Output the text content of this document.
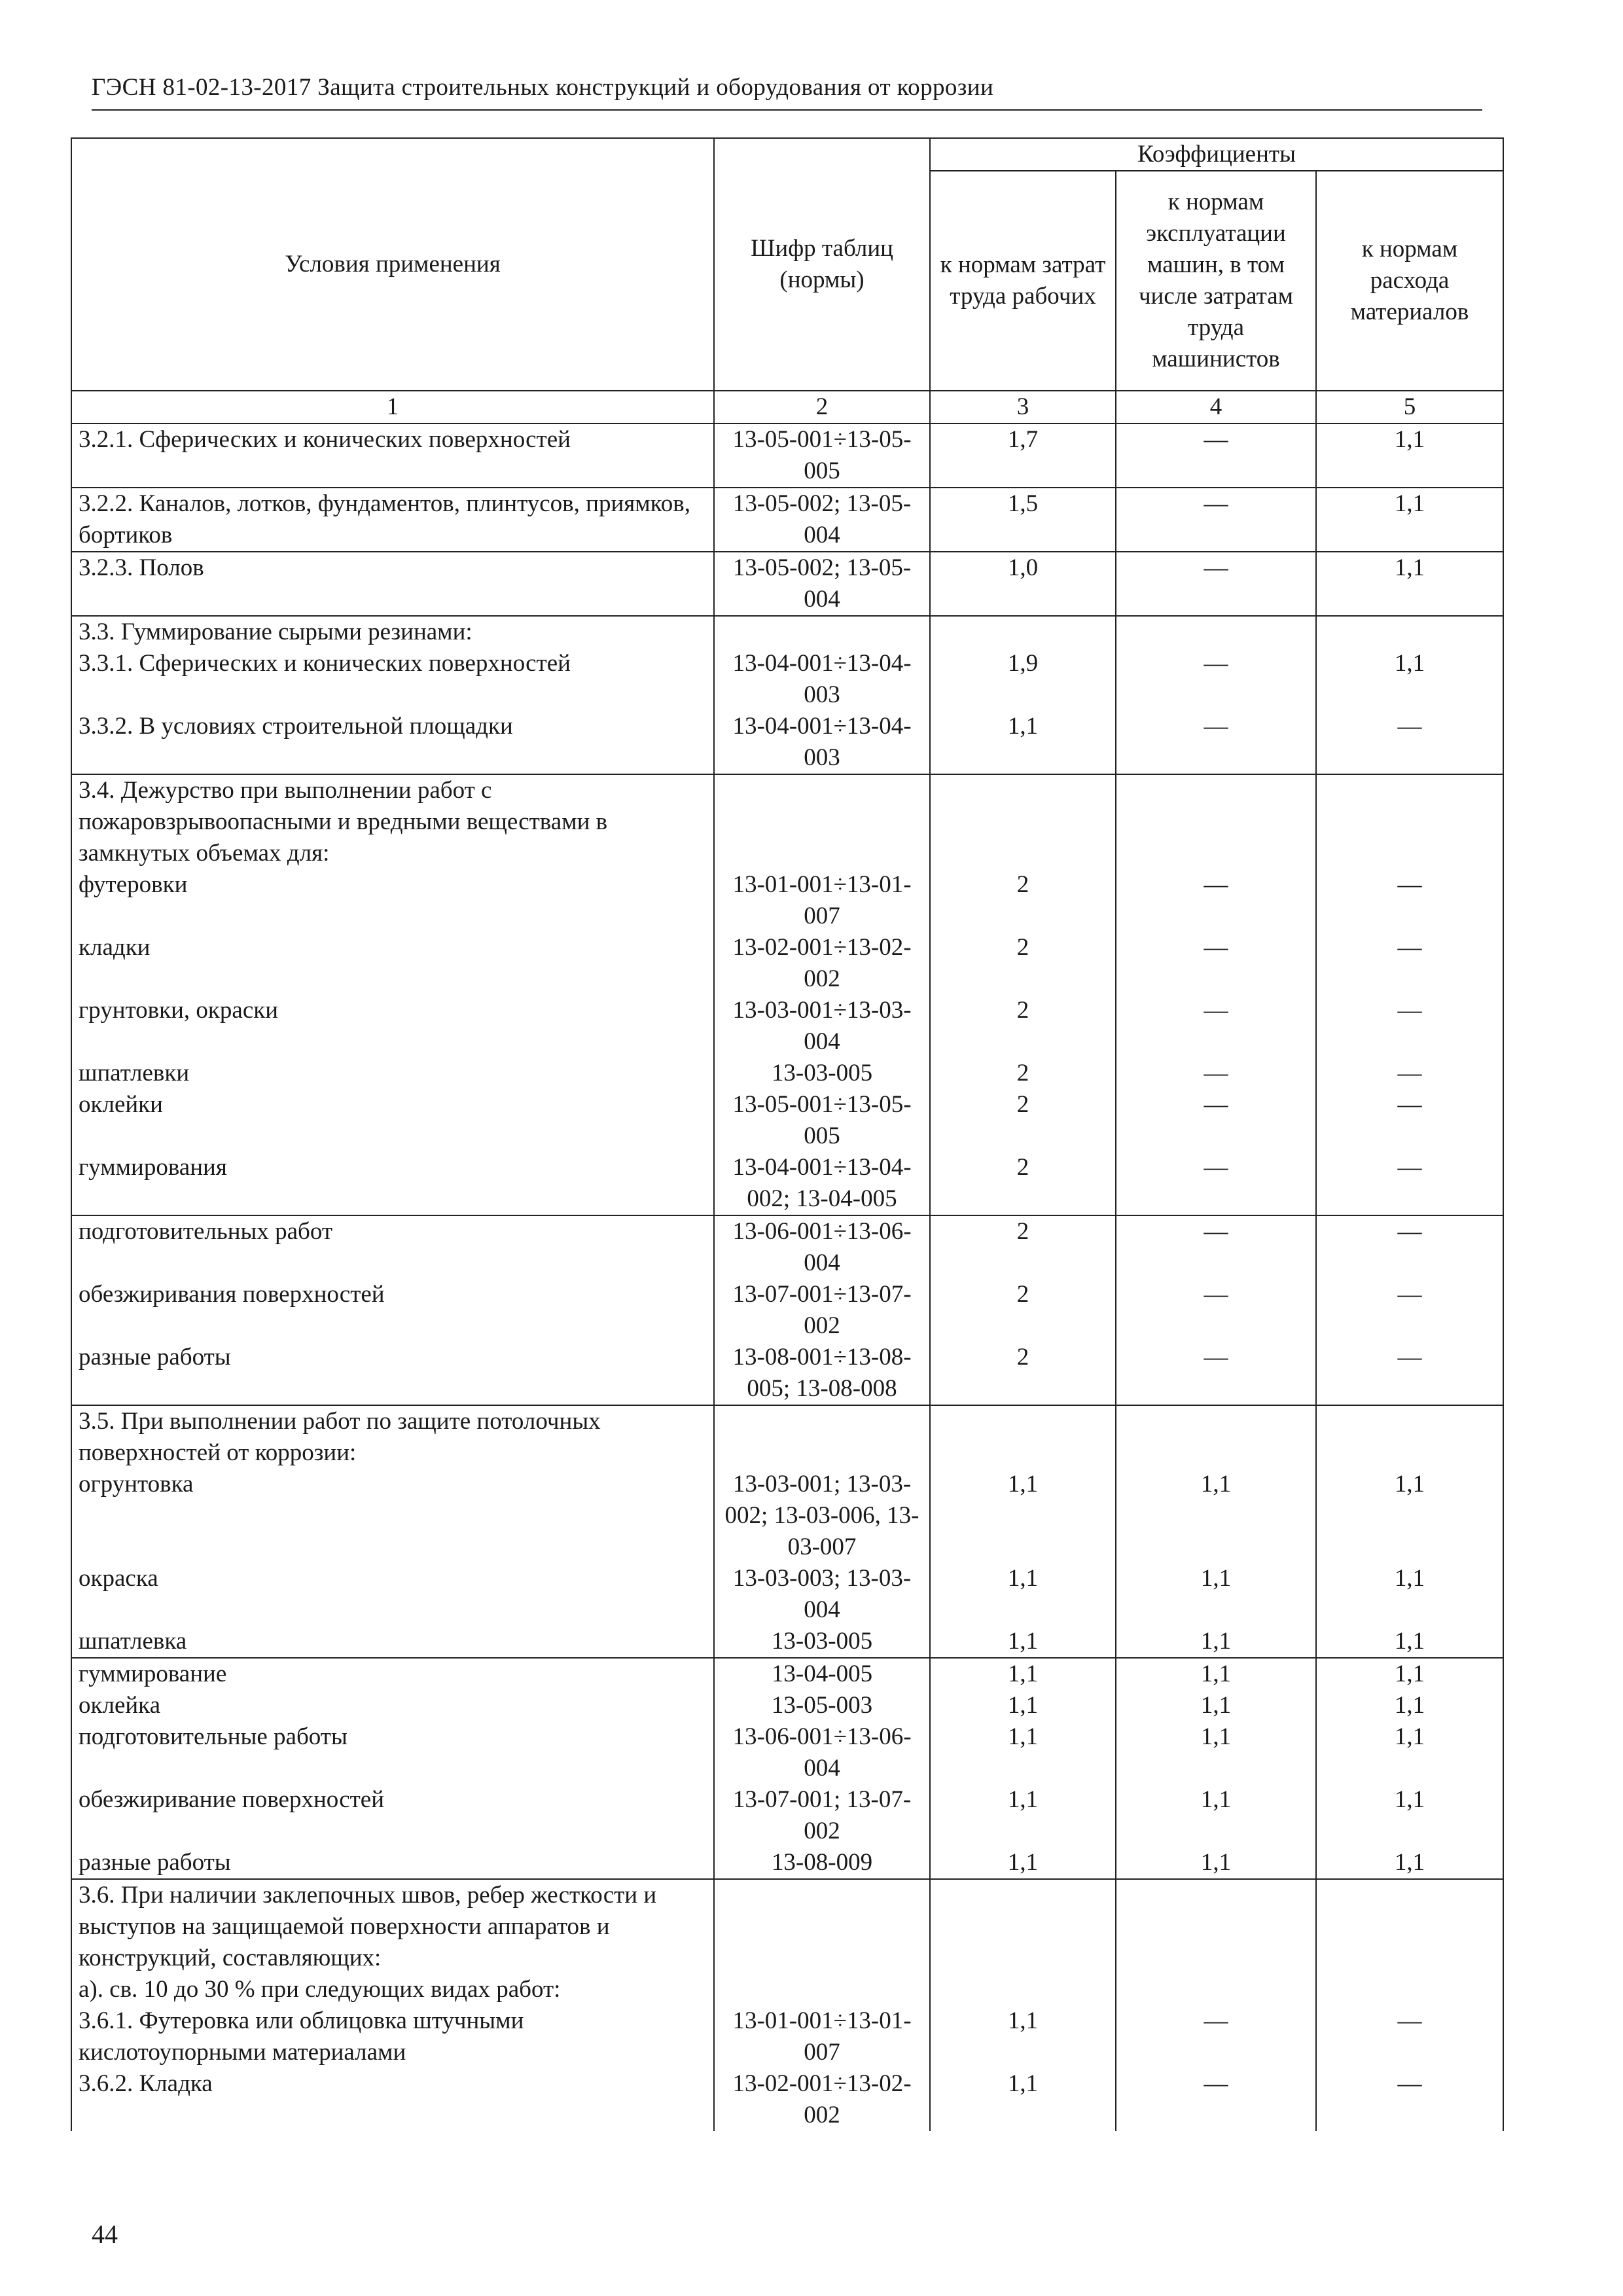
ГЭСН 81-02-13-2017 Защита строительных конструкций и оборудования от коррозии
Условия применения	Шифр таблиц (нормы)	Коэффициенты		
		к нормам затрат труда рабочих	к нормам эксплуатации машин, в том числе затратам труда машинистов	к нормам расхода материалов
1	2	3	4	5
3.2.1. Сферических и конических поверхностей	13-05-001÷13-05-005	1,7	—	1,1
3.2.2. Каналов, лотков, фундаментов, плинтусов, приямков, бортиков	13-05-002; 13-05-004	1,5	—	1,1
3.2.3. Полов	13-05-002; 13-05-004	1,0	—	1,1
3.3. Гуммирование сырыми резинами:				
3.3.1. Сферических и конических поверхностей	13-04-001÷13-04-003	1,9	—	1,1
3.3.2. В условиях строительной площадки	13-04-001÷13-04-003	1,1	—	—
3.4. Дежурство при выполнении работ с пожаровзрывоопасными и вредными веществами в замкнутых объемах для:				
футеровки	13-01-001÷13-01-007	2	—	—
кладки	13-02-001÷13-02-002	2	—	—
грунтовки, окраски	13-03-001÷13-03-004	2	—	—
шпатлевки	13-03-005	2	—	—
оклейки	13-05-001÷13-05-005	2	—	—
гуммирования	13-04-001÷13-04-002; 13-04-005	2	—	—
подготовительных работ	13-06-001÷13-06-004	2	—	—
обезжиривания поверхностей	13-07-001÷13-07-002	2	—	—
разные работы	13-08-001÷13-08-005; 13-08-008	2	—	—
3.5. При выполнении работ по защите потолочных поверхностей от коррозии:				
огрунтовка	13-03-001; 13-03-002; 13-03-006, 13-03-007	1,1	1,1	1,1
окраска	13-03-003; 13-03-004	1,1	1,1	1,1
шпатлевка	13-03-005	1,1	1,1	1,1
гуммирование	13-04-005	1,1	1,1	1,1
оклейка	13-05-003	1,1	1,1	1,1
подготовительные работы	13-06-001÷13-06-004	1,1	1,1	1,1
обезжиривание поверхностей	13-07-001; 13-07-002	1,1	1,1	1,1
разные работы	13-08-009	1,1	1,1	1,1
3.6. При наличии заклепочных швов, ребер жесткости и выступов на защищаемой поверхности аппаратов и конструкций, составляющих:				
а). св. 10 до 30 % при следующих видах работ:				
3.6.1. Футеровка или облицовка штучными кислотоупорными материалами	13-01-001÷13-01-007	1,1	—	—
3.6.2. Кладка	13-02-001÷13-02-002	1,1	—	—
44
